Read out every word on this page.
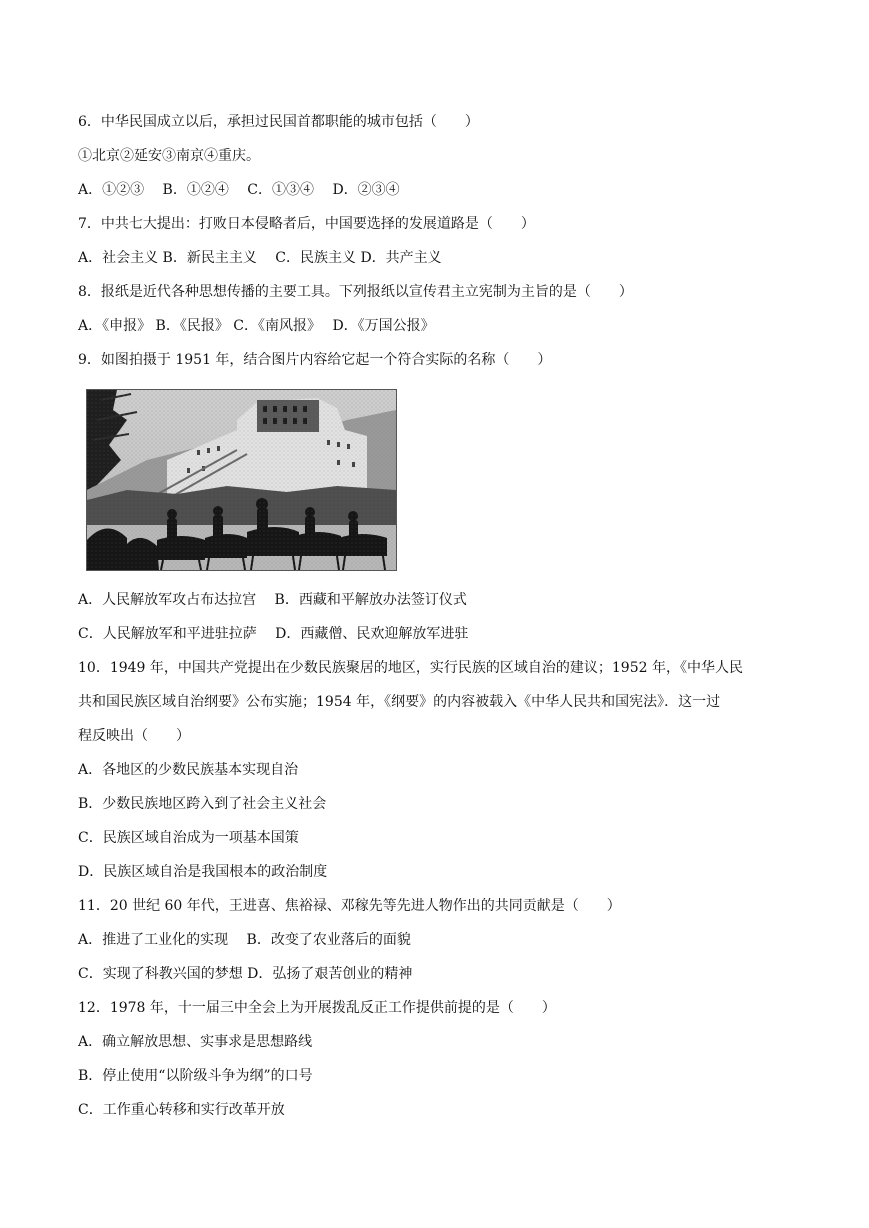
6．中华民国成立以后，承担过民国首都职能的城市包括（　　）
①北京②延安③南京④重庆。
A．①②③　 B．①②④　 C．①③④　 D．②③④
7．中共七大提出：打败日本侵略者后，中国要选择的发展道路是（　　）
A．社会主义 B．新民主主义　 C．民族主义 D．共产主义
8．报纸是近代各种思想传播的主要工具。下列报纸以宣传君主立宪制为主旨的是（　　）
A．《申报》 B．《民报》 C．《南风报》　 D．《万国公报》
9．如图拍摄于 1951 年，结合图片内容给它起一个符合实际的名称（　　）
A．人民解放军攻占布达拉宫　 B．西藏和平解放办法签订仪式
C．人民解放军和平进驻拉萨　 D．西藏僧、民欢迎解放军进驻
10．1949 年，中国共产党提出在少数民族聚居的地区，实行民族的区域自治的建议；1952 年，《中华人民
共和国民族区域自治纲要》公布实施；1954 年，《纲要》的内容被载入《中华人民共和国宪法》．这一过
程反映出（　　）
A．各地区的少数民族基本实现自治
B．少数民族地区跨入到了社会主义社会
C．民族区域自治成为一项基本国策
D．民族区域自治是我国根本的政治制度
11．20 世纪 60 年代，王进喜、焦裕禄、邓稼先等先进人物作出的共同贡献是（　　）
A．推进了工业化的实现　 B．改变了农业落后的面貌
C．实现了科教兴国的梦想 D．弘扬了艰苦创业的精神
12．1978 年，十一届三中全会上为开展拨乱反正工作提供前提的是（　　）
A．确立解放思想、实事求是思想路线
B．停止使用“以阶级斗争为纲”的口号
C．工作重心转移和实行改革开放
